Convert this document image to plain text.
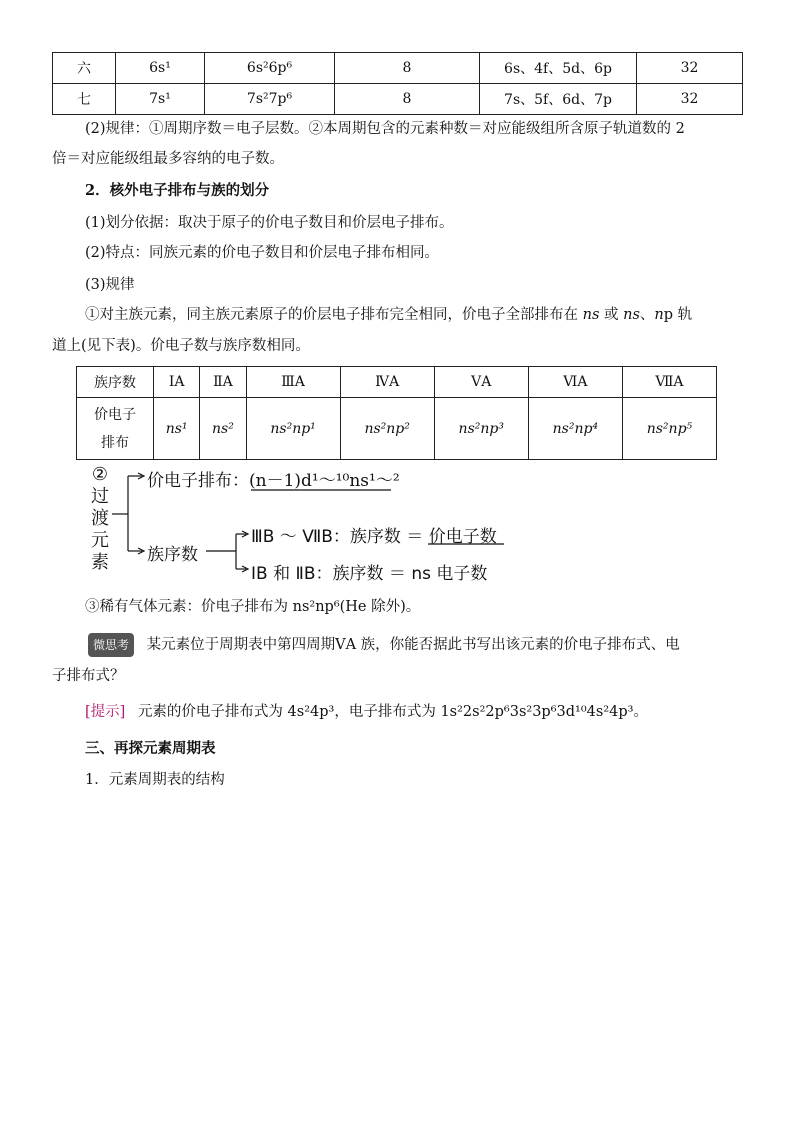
六	6s¹	6s²6p⁶	8	6s、4f、5d、6p	32
七	7s¹	7s²7p⁶	8	7s、5f、6d、7p	32
(2)规律：①周期序数＝电子层数。②本周期包含的元素种数＝对应能级组所含原子轨道数的 2
倍＝对应能级组最多容纳的电子数。
2．核外电子排布与族的划分
(1)划分依据：取决于原子的价电子数目和价层电子排布。
(2)特点：同族元素的价电子数目和价层电子排布相同。
(3)规律
①对主族元素，同主族元素原子的价层电子排布完全相同，价电子全部排布在 ns 或 ns、np 轨
道上(见下表)。价电子数与族序数相同。
族序数	ⅠA	ⅡA	ⅢA	ⅣA	ⅤA	ⅥA	ⅦA
价电子
排布	ns¹	ns²	ns²np¹	ns²np²	ns²np³	ns²np⁴	ns²np⁵
②
过
渡
元
素
价电子排布：(n－1)d¹～¹⁰ns¹～²
族序数
ⅢB ～ ⅦB：族序数 ＝ 价电子数
ⅠB 和 ⅡB：族序数 ＝ ns 电子数
③稀有气体元素：价电子排布为 ns²np⁶(He 除外)。
微思考 某元素位于周期表中第四周期ⅤA 族，你能否据此书写出该元素的价电子排布式、电
子排布式？
[提示] 元素的价电子排布式为 4s²4p³，电子排布式为 1s²2s²2p⁶3s²3p⁶3d¹⁰4s²4p³。
三、再探元素周期表
1．元素周期表的结构
